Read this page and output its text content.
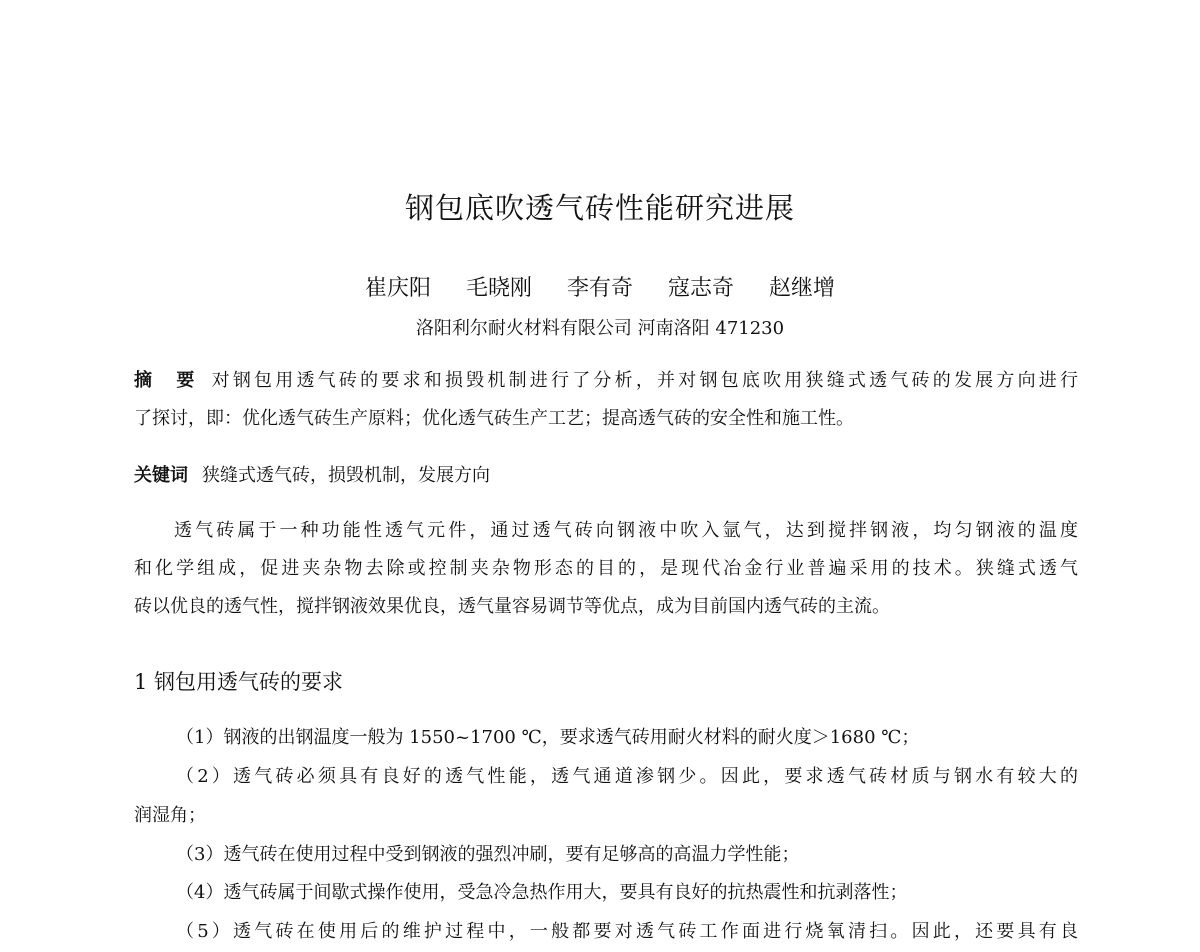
钢包底吹透气砖性能研究进展
崔庆阳 毛晓刚 李有奇 寇志奇 赵继增
洛阳利尔耐火材料有限公司 河南洛阳 471230
摘　要 对钢包用透气砖的要求和损毁机制进行了分析，并对钢包底吹用狭缝式透气砖的发展方向进行
了探讨，即：优化透气砖生产原料；优化透气砖生产工艺；提高透气砖的安全性和施工性。
关键词 狭缝式透气砖，损毁机制，发展方向
透气砖属于一种功能性透气元件，通过透气砖向钢液中吹入氩气，达到搅拌钢液，均匀钢液的温度
和化学组成，促进夹杂物去除或控制夹杂物形态的目的，是现代冶金行业普遍采用的技术。狭缝式透气
砖以优良的透气性，搅拌钢液效果优良，透气量容易调节等优点，成为目前国内透气砖的主流。
1 钢包用透气砖的要求
（1）钢液的出钢温度一般为 1550~1700 ℃，要求透气砖用耐火材料的耐火度＞1680 ℃；
（2）透气砖必须具有良好的透气性能，透气通道渗钢少。因此，要求透气砖材质与钢水有较大的
润湿角；
（3）透气砖在使用过程中受到钢液的强烈冲刷，要有足够高的高温力学性能；
（4）透气砖属于间歇式操作使用，受急冷急热作用大，要具有良好的抗热震性和抗剥落性；
（5）透气砖在使用后的维护过程中，一般都要对透气砖工作面进行烧氧清扫。因此，还要具有良
